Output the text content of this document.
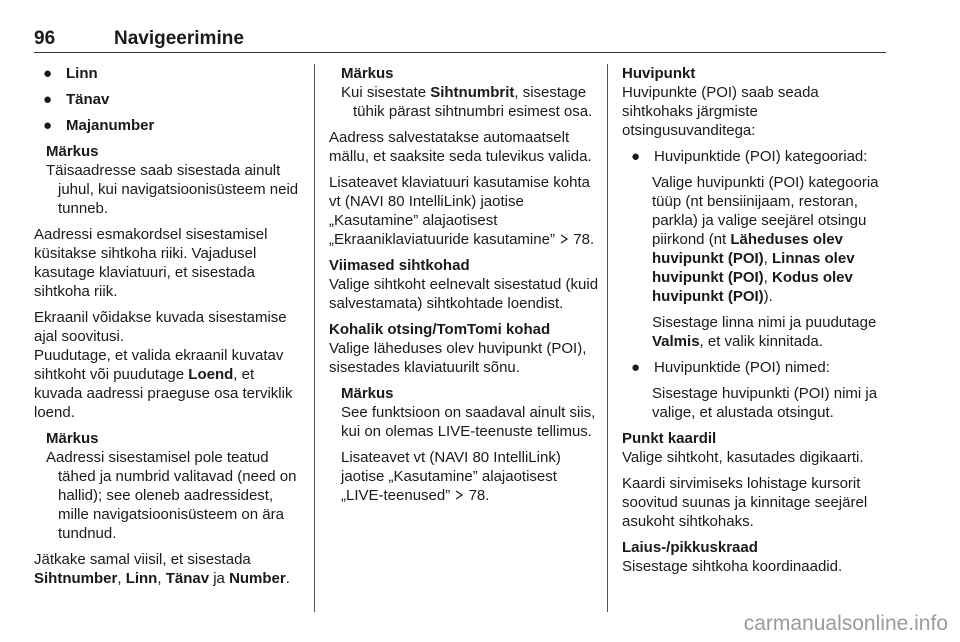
96	Navigeerimine
● Linn
● Tänav
● Majanumber

Märkus

Täisaadresse saab sisestada ainult

juhul, kui navigatsioonisüsteem neid tunneb.

Aadressi esmakordsel sisestamisel küsitakse sihtkoha riiki. Vajadusel kasutage klaviatuuri, et sisestada sihtkoha riik.

Ekraanil võidakse kuvada sisestamise ajal soovitusi.

Puudutage, et valida ekraanil kuvatav sihtkoht või puudutage Loend, et kuvada aadressi praeguse osa terviklik loend.

Märkus

Aadressi sisestamisel pole teatud

tähed ja numbrid valitavad (need on hallid); see oleneb aadressidest, mille navigatsioonisüsteem on ära tundnud.

Jätkake samal viisil, et sisestada Sihtnumber, Linn, Tänav ja Number.

Märkus

Kui sisestate Sihtnumbrit, sisestage

tühik pärast sihtnumbri esimest osa.

Aadress salvestatakse automaatselt mällu, et saaksite seda tulevikus valida.

Lisateavet klaviatuuri kasutamise kohta vt (NAVI 80 IntelliLink) jaotise „Kasutamine” alajaotisest „Ekraaniklaviatuuride kasutamine”  78.

Viimased sihtkohad

Valige sihtkoht eelnevalt sisestatud (kuid salvestamata) sihtkohtade loendist.

Kohalik otsing/TomTomi kohad

Valige läheduses olev huvipunkt (POI), sisestades klaviatuurilt sõnu.

Märkus

See funktsioon on saadaval ainult siis, kui on olemas LIVE-teenuste tellimus.

Lisateavet vt (NAVI 80 IntelliLink) jaotise „Kasutamine” alajaotisest „LIVE-teenused”  78.

Huvipunkt

Huvipunkte (POI) saab seada sihtkohaks järgmiste otsingusuvanditega:

● Huvipunktide (POI) kategooriad:

Valige huvipunkti (POI) kategooria tüüp (nt bensiinijaam, restoran, parkla) ja valige seejärel otsingu piirkond (nt Läheduses olev huvipunkt (POI), Linnas olev huvipunkt (POI), Kodus olev huvipunkt (POI)).

Sisestage linna nimi ja puudutage Valmis, et valik kinnitada.

● Huvipunktide (POI) nimed:

Sisestage huvipunkti (POI) nimi ja valige, et alustada otsingut.

Punkt kaardil

Valige sihtkoht, kasutades digikaarti.

Kaardi sirvimiseks lohistage kursorit soovitud suunas ja kinnitage seejärel asukoht sihtkohaks.

Laius-/pikkuskraad

Sisestage sihtkoha koordinaadid.

carmanualsonline.info
